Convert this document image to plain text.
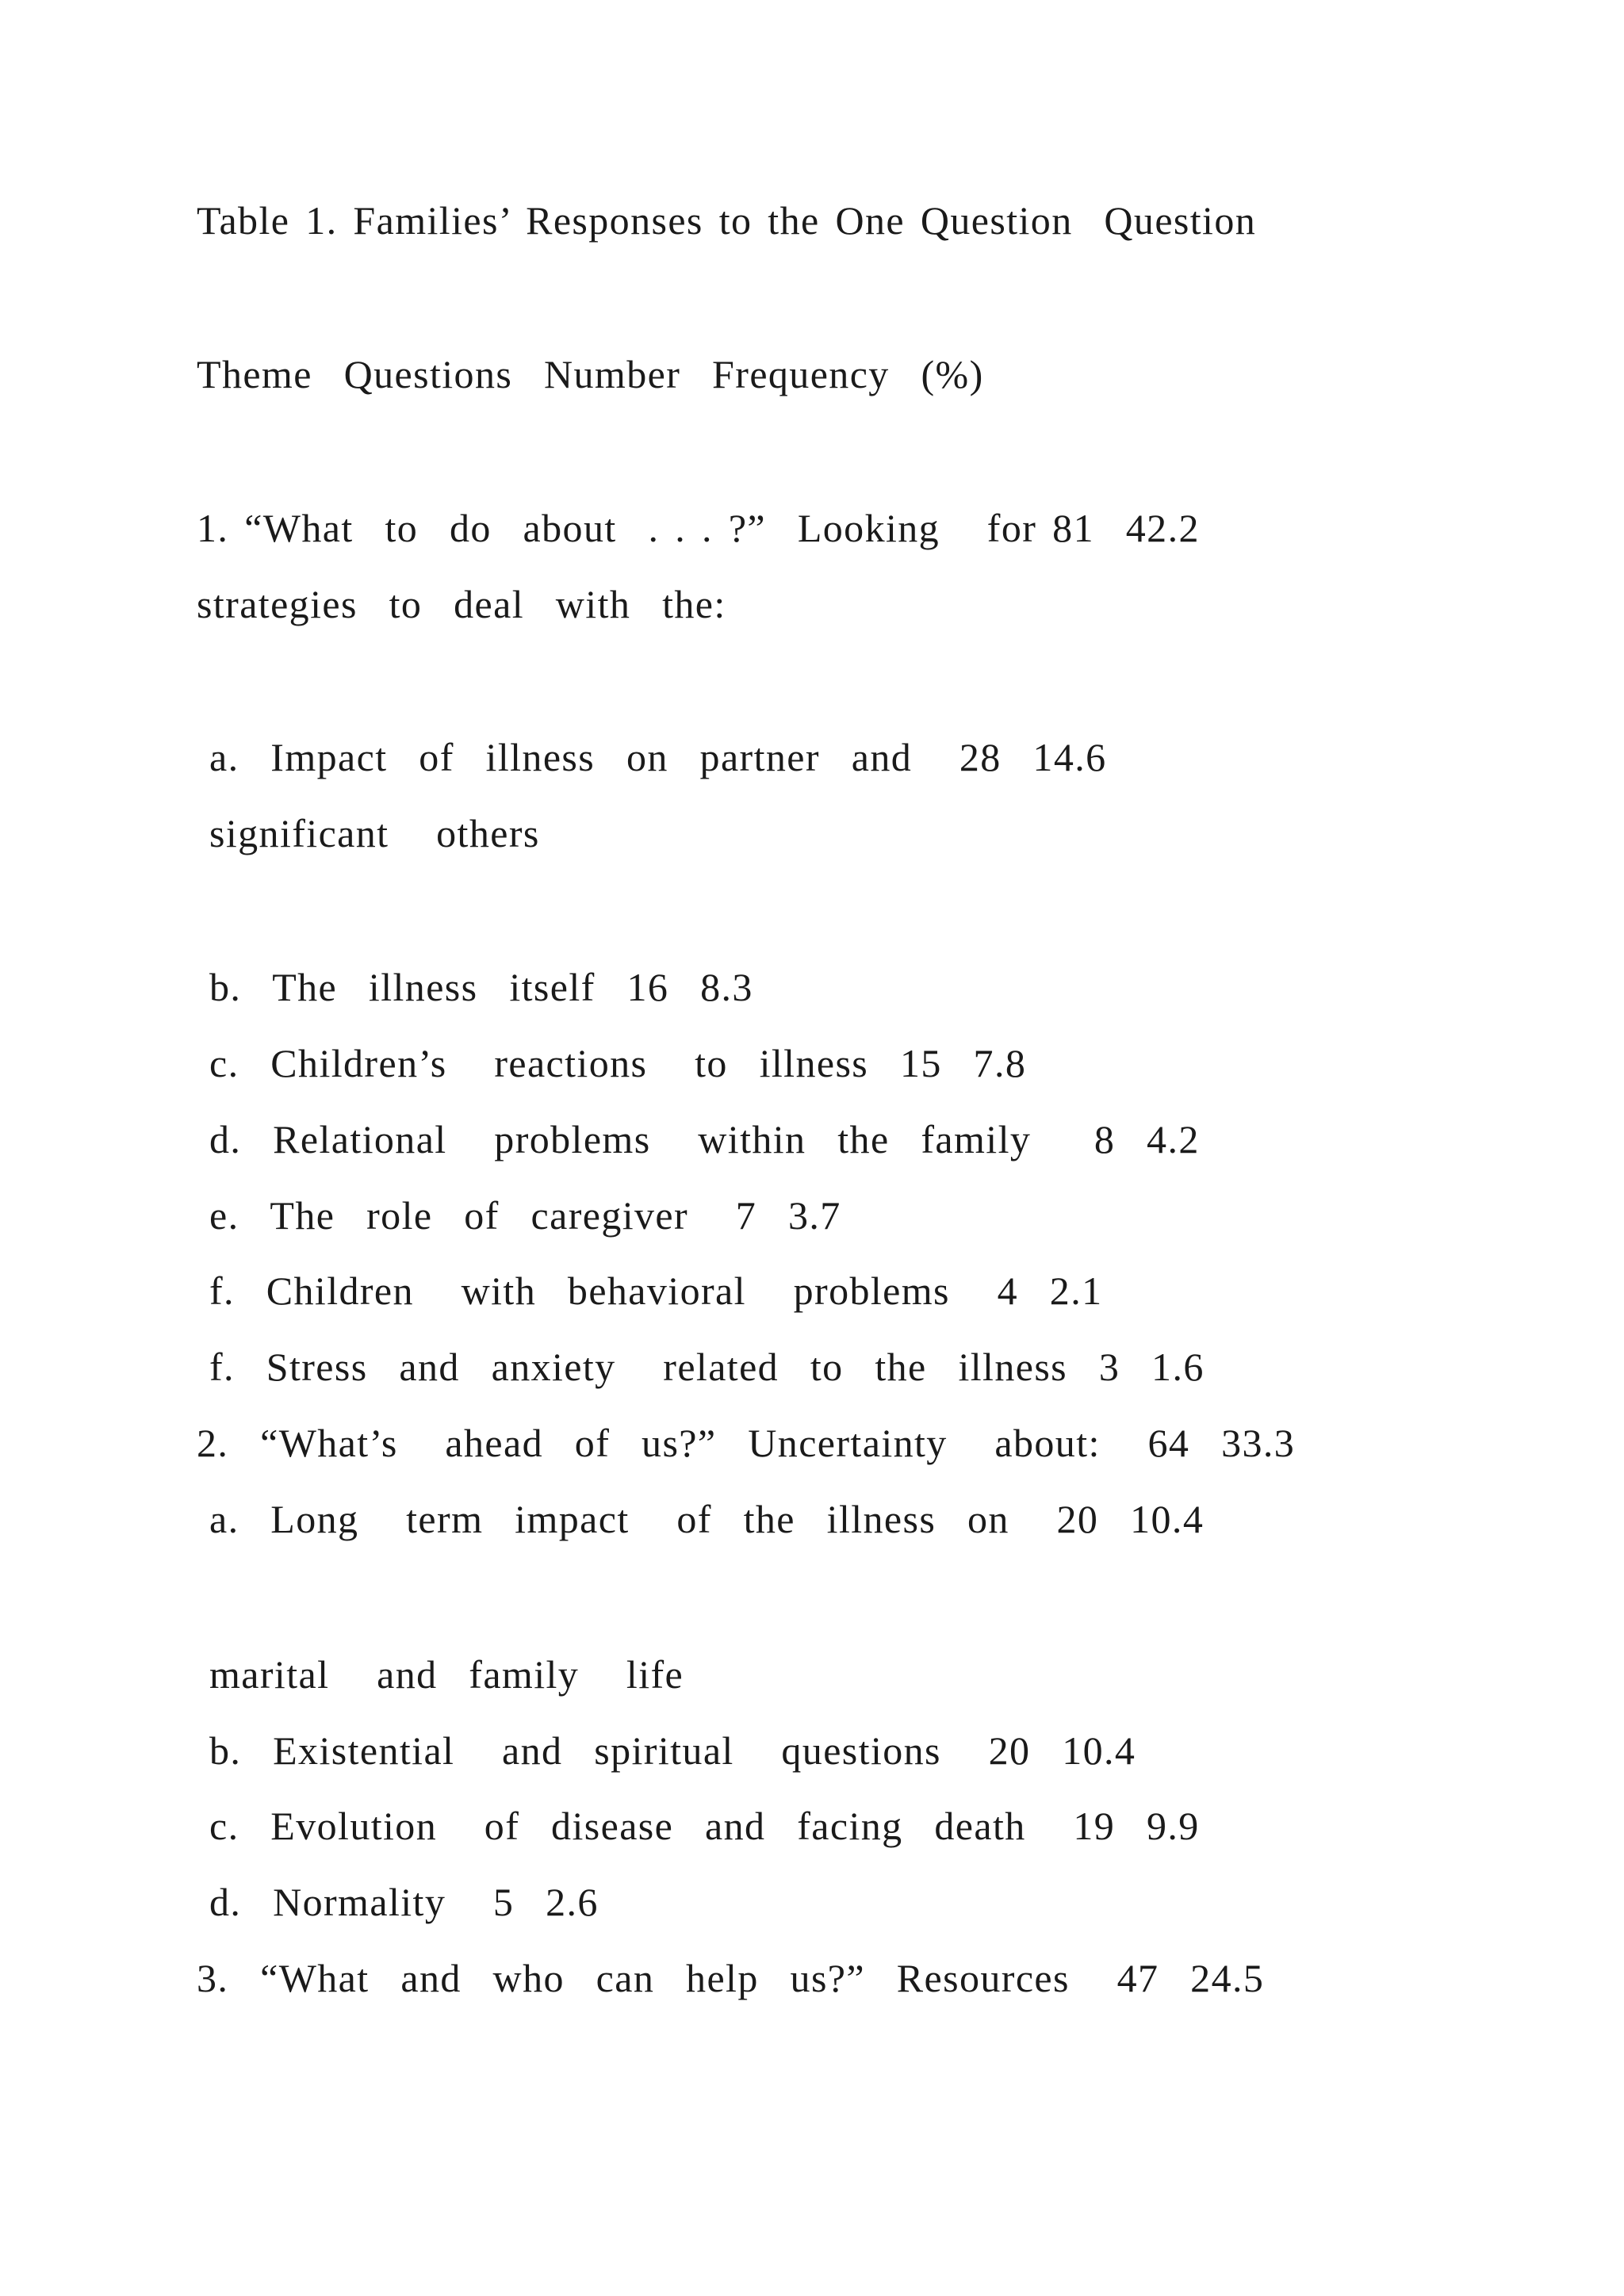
Table 1. Families’ Responses to the One Question  Question
Theme  Questions  Number  Frequency  (%)
1. “What  to  do  about  . . . ?”  Looking   for 81  42.2
strategies  to  deal  with  the:
a.  Impact  of  illness  on  partner  and   28  14.6
significant   others
b.  The  illness  itself  16  8.3
c.  Children’s   reactions   to  illness  15  7.8
d.  Relational   problems   within  the  family    8  4.2
e.  The  role  of  caregiver   7  3.7
f.  Children   with  behavioral   problems   4  2.1
f.  Stress  and  anxiety   related  to  the  illness  3  1.6
2.  “What’s   ahead  of  us?”  Uncertainty   about:   64  33.3
a.  Long   term  impact   of  the  illness  on   20  10.4
marital   and  family   life
b.  Existential   and  spiritual   questions   20  10.4
c.  Evolution   of  disease  and  facing  death   19  9.9
d.  Normality   5  2.6
3.  “What  and  who  can  help  us?”  Resources   47  24.5
